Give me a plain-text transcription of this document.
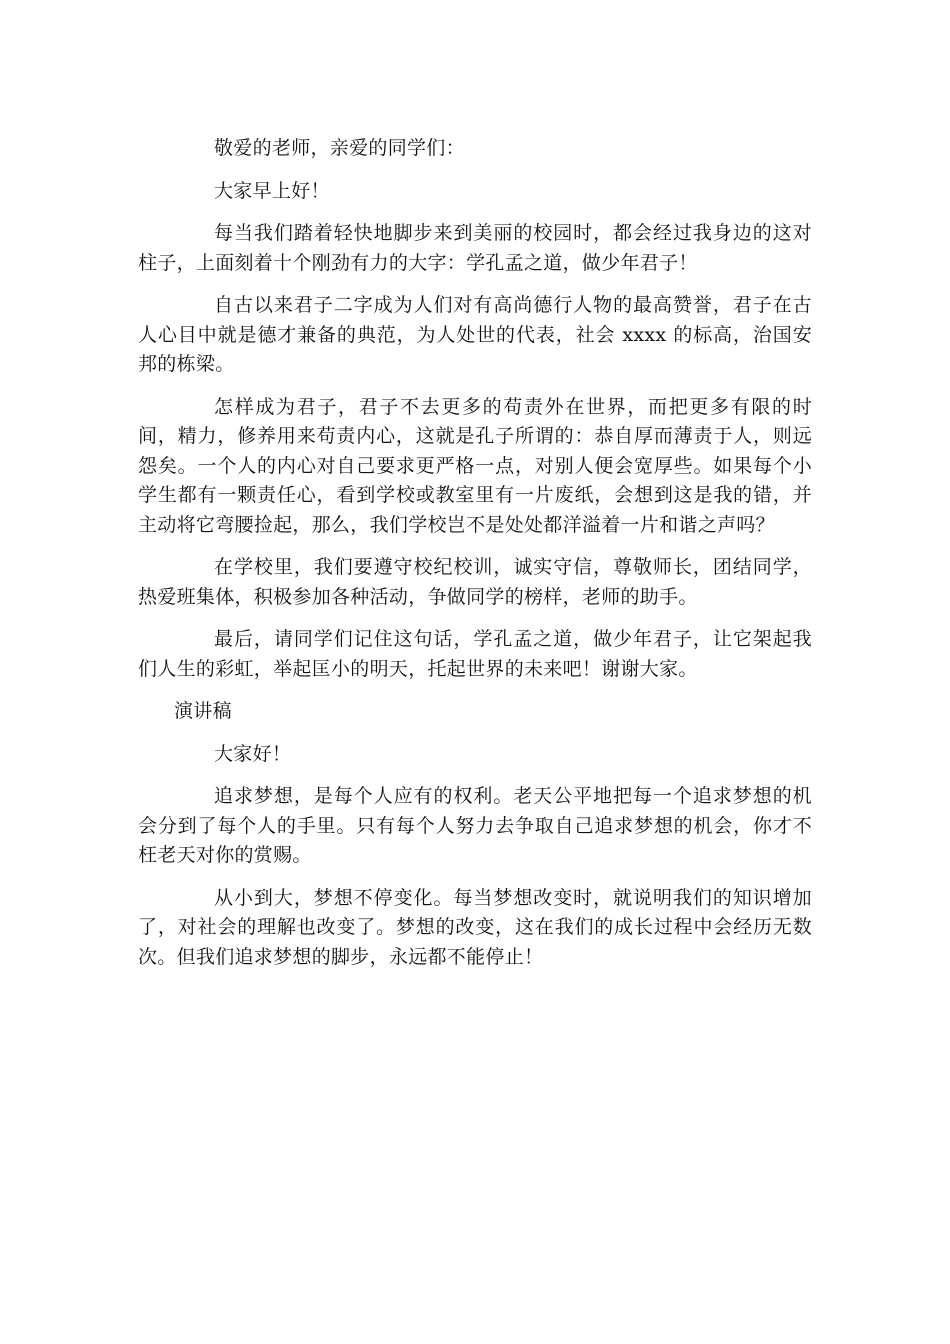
敬爱的老师，亲爱的同学们：

大家早上好！

每当我们踏着轻快地脚步来到美丽的校园时，都会经过我身边的这对柱子，上面刻着十个刚劲有力的大字：学孔孟之道，做少年君子！

自古以来君子二字成为人们对有高尚德行人物的最高赞誉，君子在古人心目中就是德才兼备的典范，为人处世的代表，社会 xxxx 的标高，治国安邦的栋梁。

怎样成为君子，君子不去更多的苟责外在世界，而把更多有限的时间，精力，修养用来苟责内心，这就是孔子所谓的：恭自厚而薄责于人，则远怨矣。一个人的内心对自己要求更严格一点，对别人便会宽厚些。如果每个小学生都有一颗责任心，看到学校或教室里有一片废纸，会想到这是我的错，并主动将它弯腰捡起，那么，我们学校岂不是处处都洋溢着一片和谐之声吗？

在学校里，我们要遵守校纪校训，诚实守信，尊敬师长，团结同学，热爱班集体，积极参加各种活动，争做同学的榜样，老师的助手。

最后，请同学们记住这句话，学孔孟之道，做少年君子，让它架起我们人生的彩虹，举起匡小的明天，托起世界的未来吧！谢谢大家。

演讲稿

大家好！

追求梦想，是每个人应有的权利。老天公平地把每一个追求梦想的机会分到了每个人的手里。只有每个人努力去争取自己追求梦想的机会，你才不枉老天对你的赏赐。

从小到大，梦想不停变化。每当梦想改变时，就说明我们的知识增加了，对社会的理解也改变了。梦想的改变，这在我们的成长过程中会经历无数次。但我们追求梦想的脚步，永远都不能停止！
